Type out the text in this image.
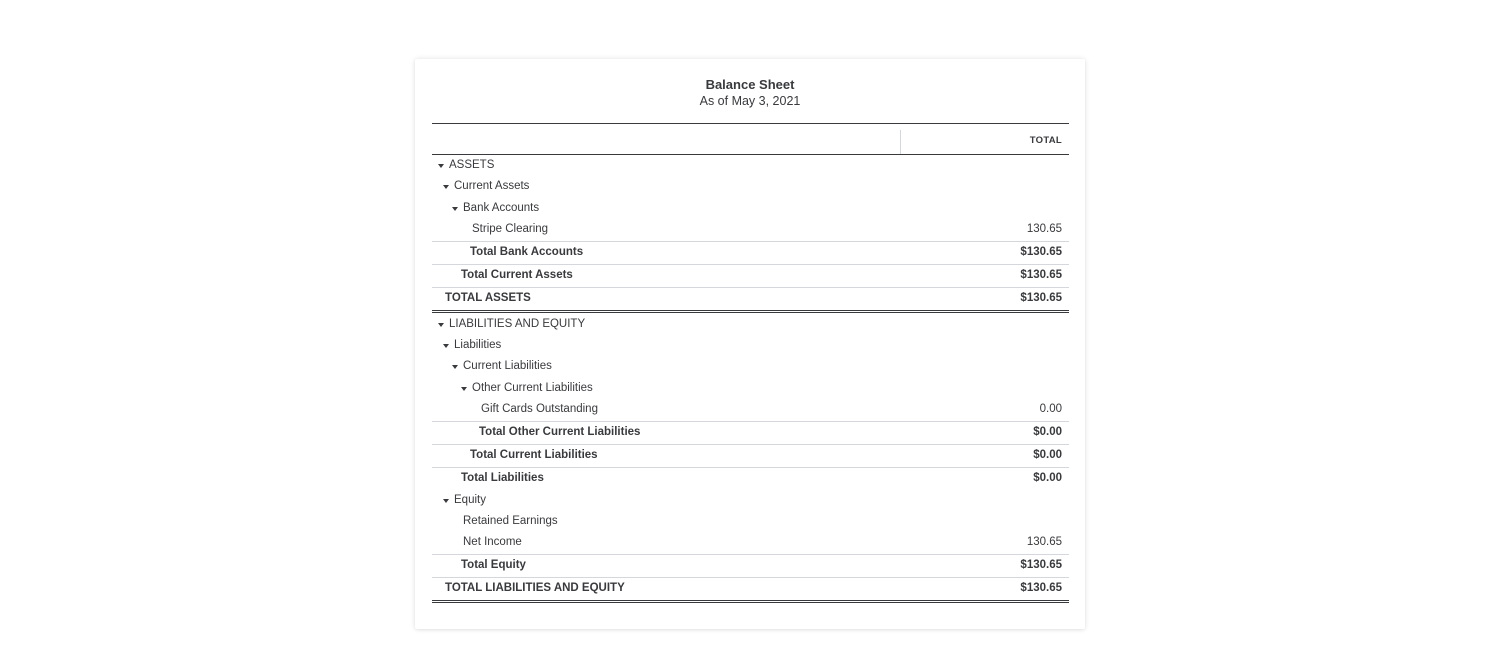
Balance Sheet
As of May 3, 2021
TOTAL
ASSETS
Current Assets
Bank Accounts
Stripe Clearing	130.65
Total Bank Accounts	$130.65
Total Current Assets	$130.65
TOTAL ASSETS	$130.65
LIABILITIES AND EQUITY
Liabilities
Current Liabilities
Other Current Liabilities
Gift Cards Outstanding	0.00
Total Other Current Liabilities	$0.00
Total Current Liabilities	$0.00
Total Liabilities	$0.00
Equity
Retained Earnings
Net Income	130.65
Total Equity	$130.65
TOTAL LIABILITIES AND EQUITY	$130.65
